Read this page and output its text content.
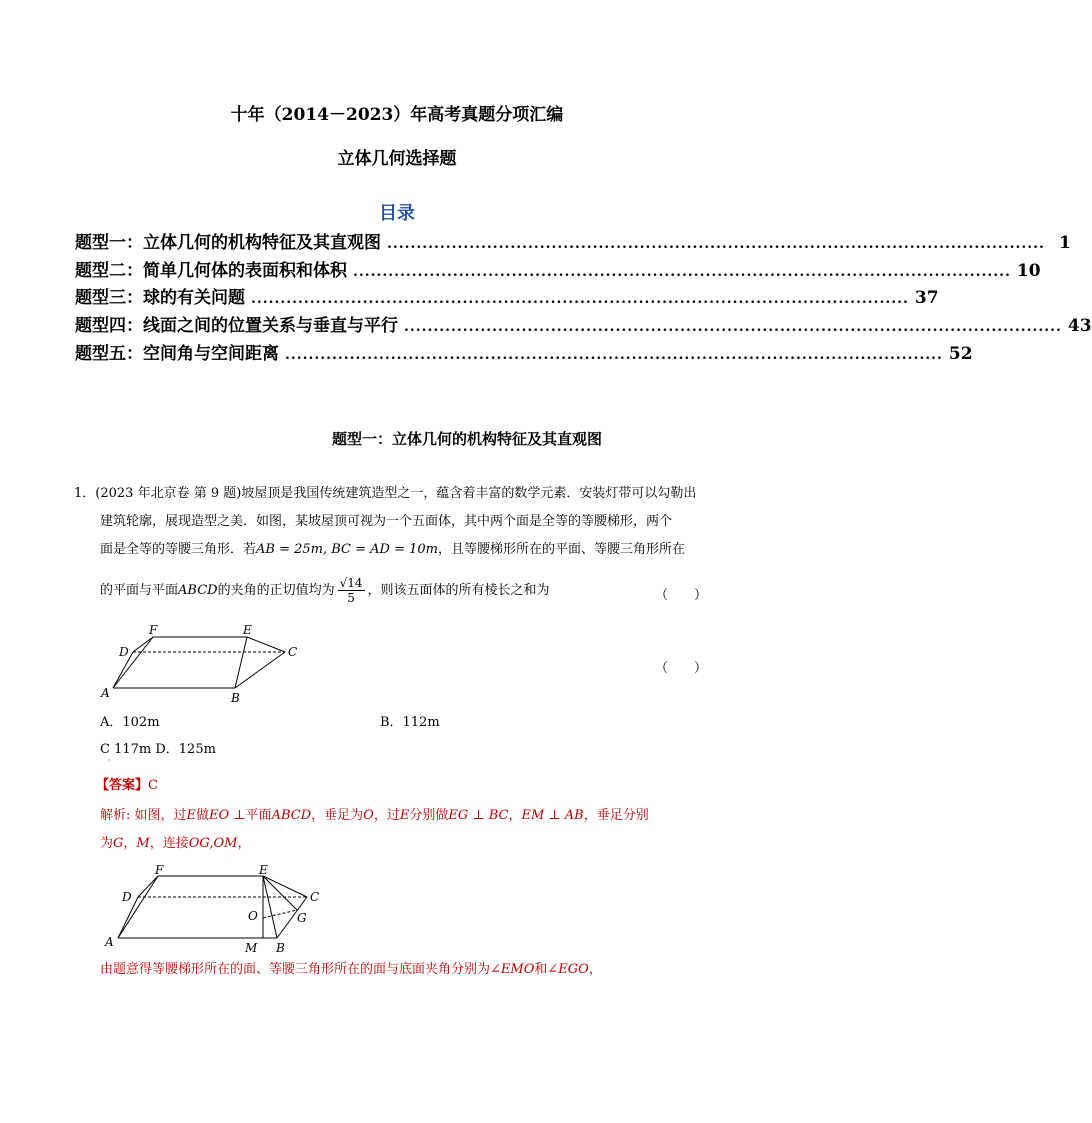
十年（2014－2023）年高考真题分项汇编
立体几何选择题
目录
题型一：立体几何的机构特征及其直观图 ................................................................................................................ 1
题型二：简单几何体的表面积和体积 ................................................................................................................ 10
题型三：球的有关问题 ................................................................................................................ 37
题型四：线面之间的位置关系与垂直与平行 ................................................................................................................ 43
题型五：空间角与空间距离 ................................................................................................................ 52
题型一：立体几何的机构特征及其直观图
1．(2023 年北京卷 第 9 题)坡屋顶是我国传统建筑造型之一，蕴含着丰富的数学元素．安装灯带可以勾勒出
建筑轮廓，展现造型之美．如图，某坡屋顶可视为一个五面体，其中两个面是全等的等腰梯形，两个
面是全等的等腰三角形．若AB = 25m, BC = AD = 10m，且等腰梯形所在的平面、等腰三角形所在
的平面与平面ABCD的夹角的正切值均为 $\frac{√14}{5}$ ，则该五面体的所有棱长之和为	（　　）
A	B
C
D
E
F
（　　）
A．102m	B．112m
C 117m D．125m
·
【答案】C
解析: 如图，过E做EO ⊥平面ABCD，垂足为O，过E分别做EG ⊥ BC，EM ⊥ AB，垂足分别
为G，M，连接OG,OM，
A	B
C
D
E
F
G
M
O
由题意得等腰梯形所在的面、等腰三角形所在的面与底面夹角分别为∠EMO和∠EGO，
